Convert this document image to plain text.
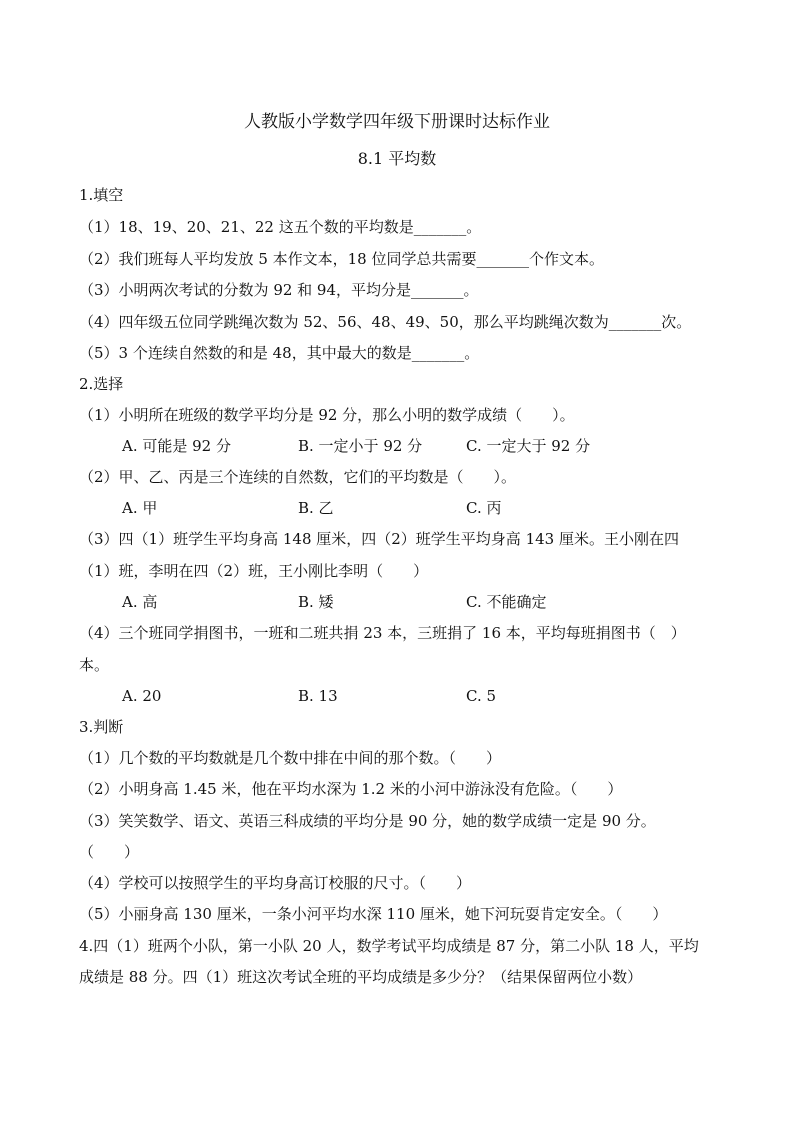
人教版小学数学四年级下册课时达标作业
8.1 平均数
1.填空
（1）18、19、20、21、22 这五个数的平均数是_______。
（2）我们班每人平均发放 5 本作文本，18 位同学总共需要_______个作文本。
（3）小明两次考试的分数为 92 和 94，平均分是_______。
（4）四年级五位同学跳绳次数为 52、56、48、49、50，那么平均跳绳次数为_______次。
（5）3 个连续自然数的和是 48，其中最大的数是_______。
2.选择
（1）小明所在班级的数学平均分是 92 分，那么小明的数学成绩（　　）。
A. 可能是 92 分	B. 一定小于 92 分	C. 一定大于 92 分
（2）甲、乙、丙是三个连续的自然数，它们的平均数是（　　）。
A. 甲	B. 乙	C. 丙
（3）四（1）班学生平均身高 148 厘米，四（2）班学生平均身高 143 厘米。王小刚在四
（1）班，李明在四（2）班，王小刚比李明（　　）
A. 高	B. 矮	C. 不能确定
（4）三个班同学捐图书，一班和二班共捐 23 本，三班捐了 16 本，平均每班捐图书（　）
本。
A. 20	B. 13	C. 5
3.判断
（1）几个数的平均数就是几个数中排在中间的那个数。（　　）
（2）小明身高 1.45 米，他在平均水深为 1.2 米的小河中游泳没有危险。（　　）
（3）笑笑数学、语文、英语三科成绩的平均分是 90 分，她的数学成绩一定是 90 分。
（　　）
（4）学校可以按照学生的平均身高订校服的尺寸。（　　）
（5）小丽身高 130 厘米，一条小河平均水深 110 厘米，她下河玩耍肯定安全。（　　）
4.四（1）班两个小队，第一小队 20 人，数学考试平均成绩是 87 分，第二小队 18 人，平均
成绩是 88 分。四（1）班这次考试全班的平均成绩是多少分？（结果保留两位小数）
